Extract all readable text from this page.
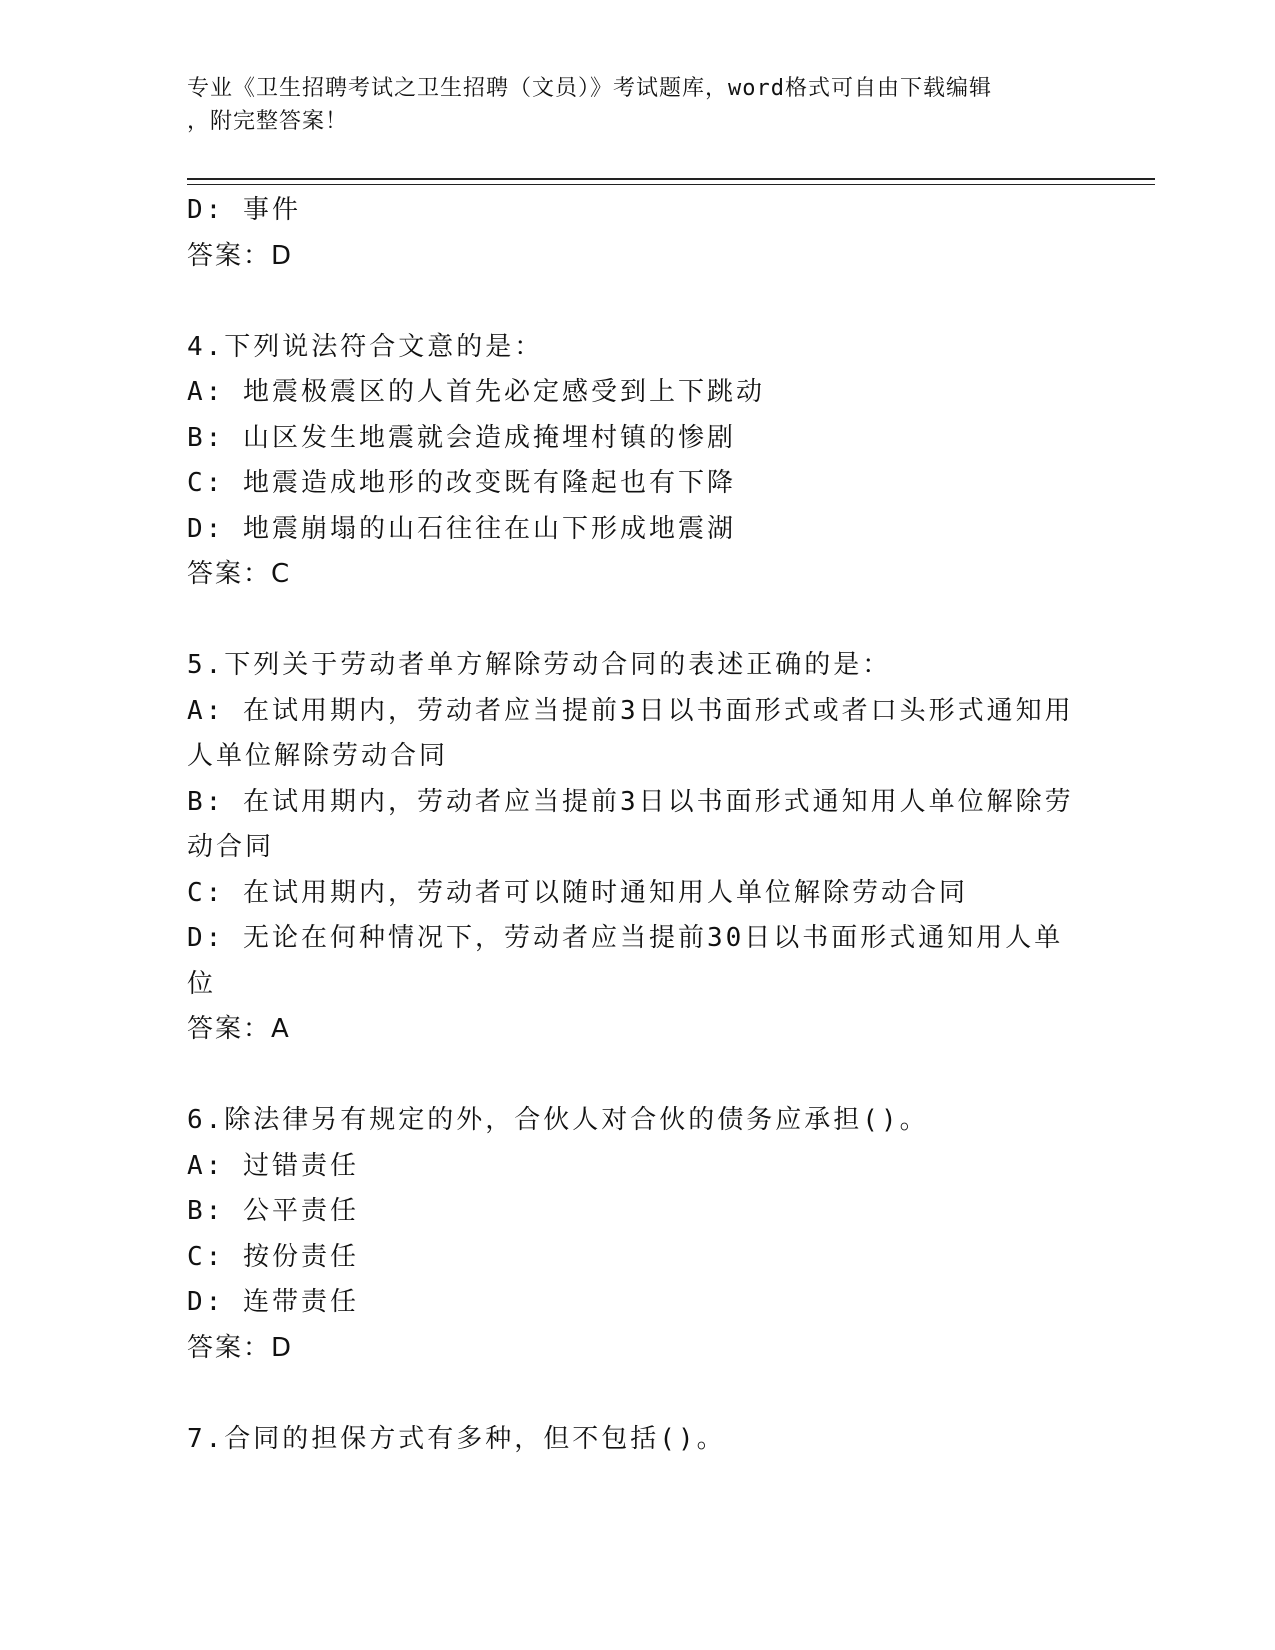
专业《卫生招聘考试之卫生招聘（文员）》考试题库，word格式可自由下载编辑
，附完整答案！
D: 事件
答案：D
4.下列说法符合文意的是：
A: 地震极震区的人首先必定感受到上下跳动
B: 山区发生地震就会造成掩埋村镇的惨剧
C: 地震造成地形的改变既有隆起也有下降
D: 地震崩塌的山石往往在山下形成地震湖
答案：C
5.下列关于劳动者单方解除劳动合同的表述正确的是：
A: 在试用期内，劳动者应当提前3日以书面形式或者口头形式通知用
人单位解除劳动合同
B: 在试用期内，劳动者应当提前3日以书面形式通知用人单位解除劳
动合同
C: 在试用期内，劳动者可以随时通知用人单位解除劳动合同
D: 无论在何种情况下，劳动者应当提前30日以书面形式通知用人单
位
答案：A
6.除法律另有规定的外，合伙人对合伙的债务应承担()。
A: 过错责任
B: 公平责任
C: 按份责任
D: 连带责任
答案：D
7.合同的担保方式有多种，但不包括()。
